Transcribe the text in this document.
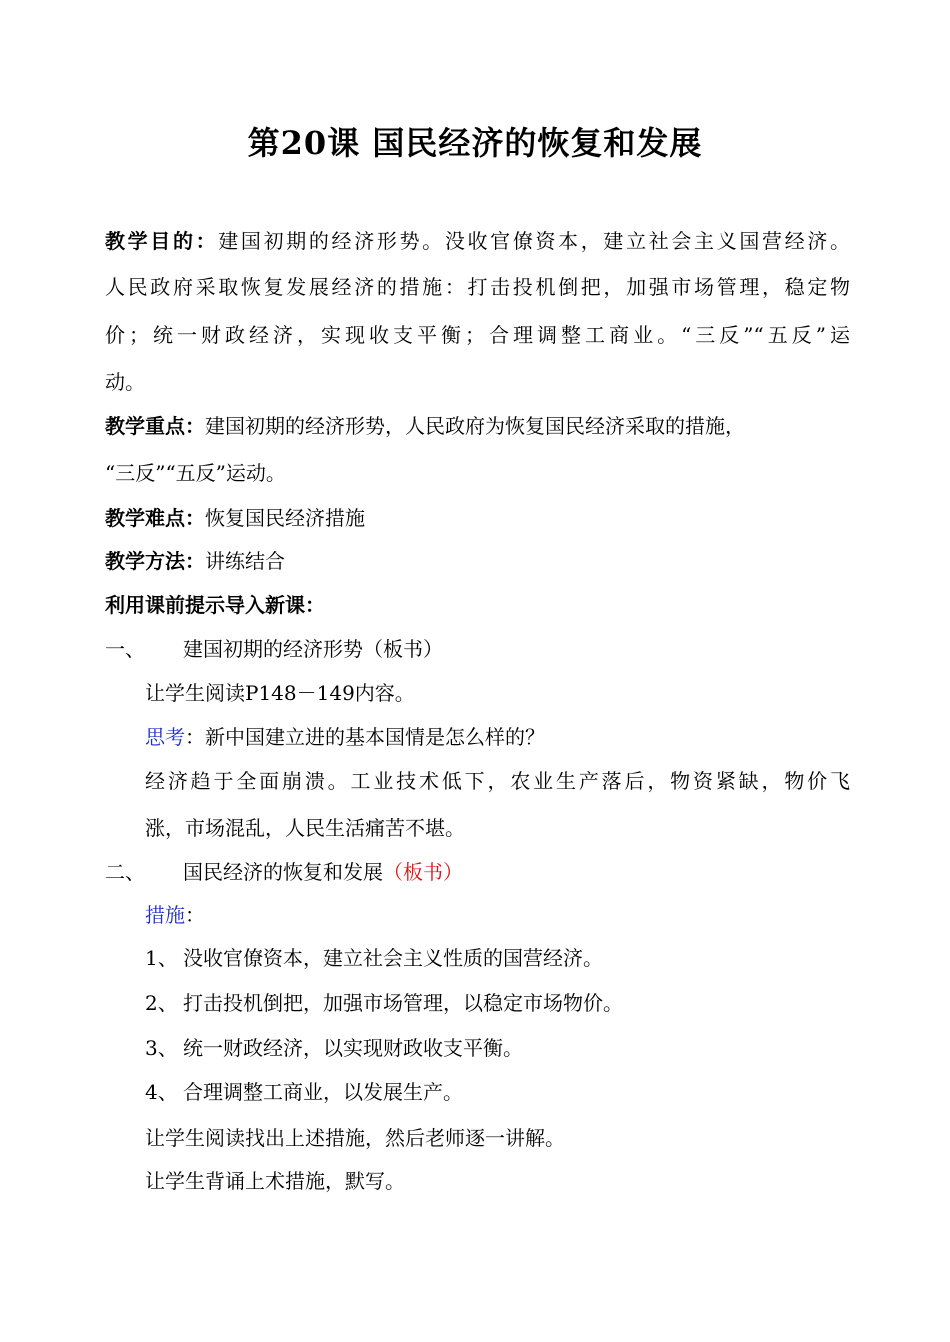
第20课 国民经济的恢复和发展
教学目的：建国初期的经济形势。没收官僚资本，建立社会主义国营经济。
人民政府采取恢复发展经济的措施：打击投机倒把，加强市场管理，稳定物
价；统一财政经济，实现收支平衡；合理调整工商业。“三反”“五反”运
动。
教学重点：建国初期的经济形势，人民政府为恢复国民经济采取的措施，
“三反”“五反”运动。
教学难点：恢复国民经济措施
教学方法：讲练结合
利用课前提示导入新课：
一、 建国初期的经济形势（板书）
让学生阅读P148－149内容。
思考：新中国建立进的基本国情是怎么样的？
经济趋于全面崩溃。工业技术低下，农业生产落后，物资紧缺，物价飞
涨，市场混乱，人民生活痛苦不堪。
二、 国民经济的恢复和发展（板书）
措施：
1、 没收官僚资本，建立社会主义性质的国营经济。
2、 打击投机倒把，加强市场管理，以稳定市场物价。
3、 统一财政经济，以实现财政收支平衡。
4、 合理调整工商业，以发展生产。
让学生阅读找出上述措施，然后老师逐一讲解。
让学生背诵上术措施，默写。
